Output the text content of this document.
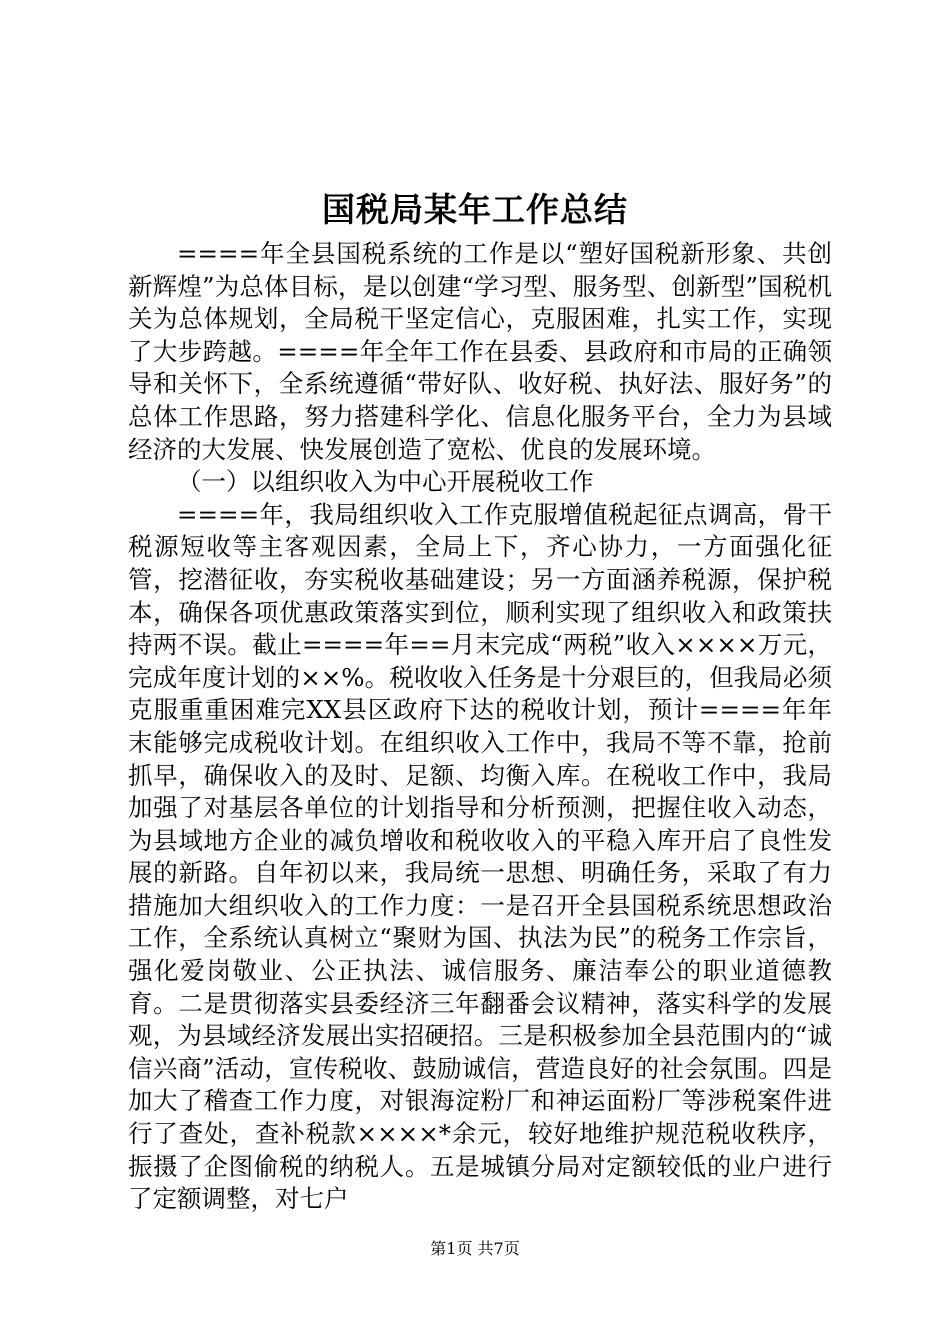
国税局某年工作总结

====年全县国税系统的工作是以“塑好国税新形象、共创新辉煌”为总体目标，是以创建“学习型、服务型、创新型”国税机关为总体规划，全局税干坚定信心，克服困难，扎实工作，实现了大步跨越。====年全年工作在县委、县政府和市局的正确领导和关怀下，全系统遵循“带好队、收好税、执好法、服好务”的总体工作思路，努力搭建科学化、信息化服务平台，全力为县域经济的大发展、快发展创造了宽松、优良的发展环境。

（一）以组织收入为中心开展税收工作

====年，我局组织收入工作克服增值税起征点调高，骨干税源短收等主客观因素，全局上下，齐心协力，一方面强化征管，挖潜征收，夯实税收基础建设；另一方面涵养税源，保护税本，确保各项优惠政策落实到位，顺利实现了组织收入和政策扶持两不误。截止====年==月末完成“两税”收入××××万元，完成年度计划的××%。税收收入任务是十分艰巨的，但我局必须克服重重困难完XX县区政府下达的税收计划，预计====年年末能够完成税收计划。在组织收入工作中，我局不等不靠，抢前抓早，确保收入的及时、足额、均衡入库。在税收工作中，我局加强了对基层各单位的计划指导和分析预测，把握住收入动态，为县域地方企业的减负增收和税收收入的平稳入库开启了良性发展的新路。自年初以来，我局统一思想、明确任务，采取了有力措施加大组织收入的工作力度：一是召开全县国税系统思想政治工作，全系统认真树立“聚财为国、执法为民”的税务工作宗旨，强化爱岗敬业、公正执法、诚信服务、廉洁奉公的职业道德教育。二是贯彻落实县委经济三年翻番会议精神，落实科学的发展观，为县域经济发展出实招硬招。三是积极参加全县范围内的“诚信兴商”活动，宣传税收、鼓励诚信，营造良好的社会氛围。四是加大了稽查工作力度，对银海淀粉厂和神运面粉厂等涉税案件进行了查处，查补税款××××*余元，较好地维护规范税收秩序，振摄了企图偷税的纳税人。五是城镇分局对定额较低的业户进行了定额调整，对七户

第1页 共7页
